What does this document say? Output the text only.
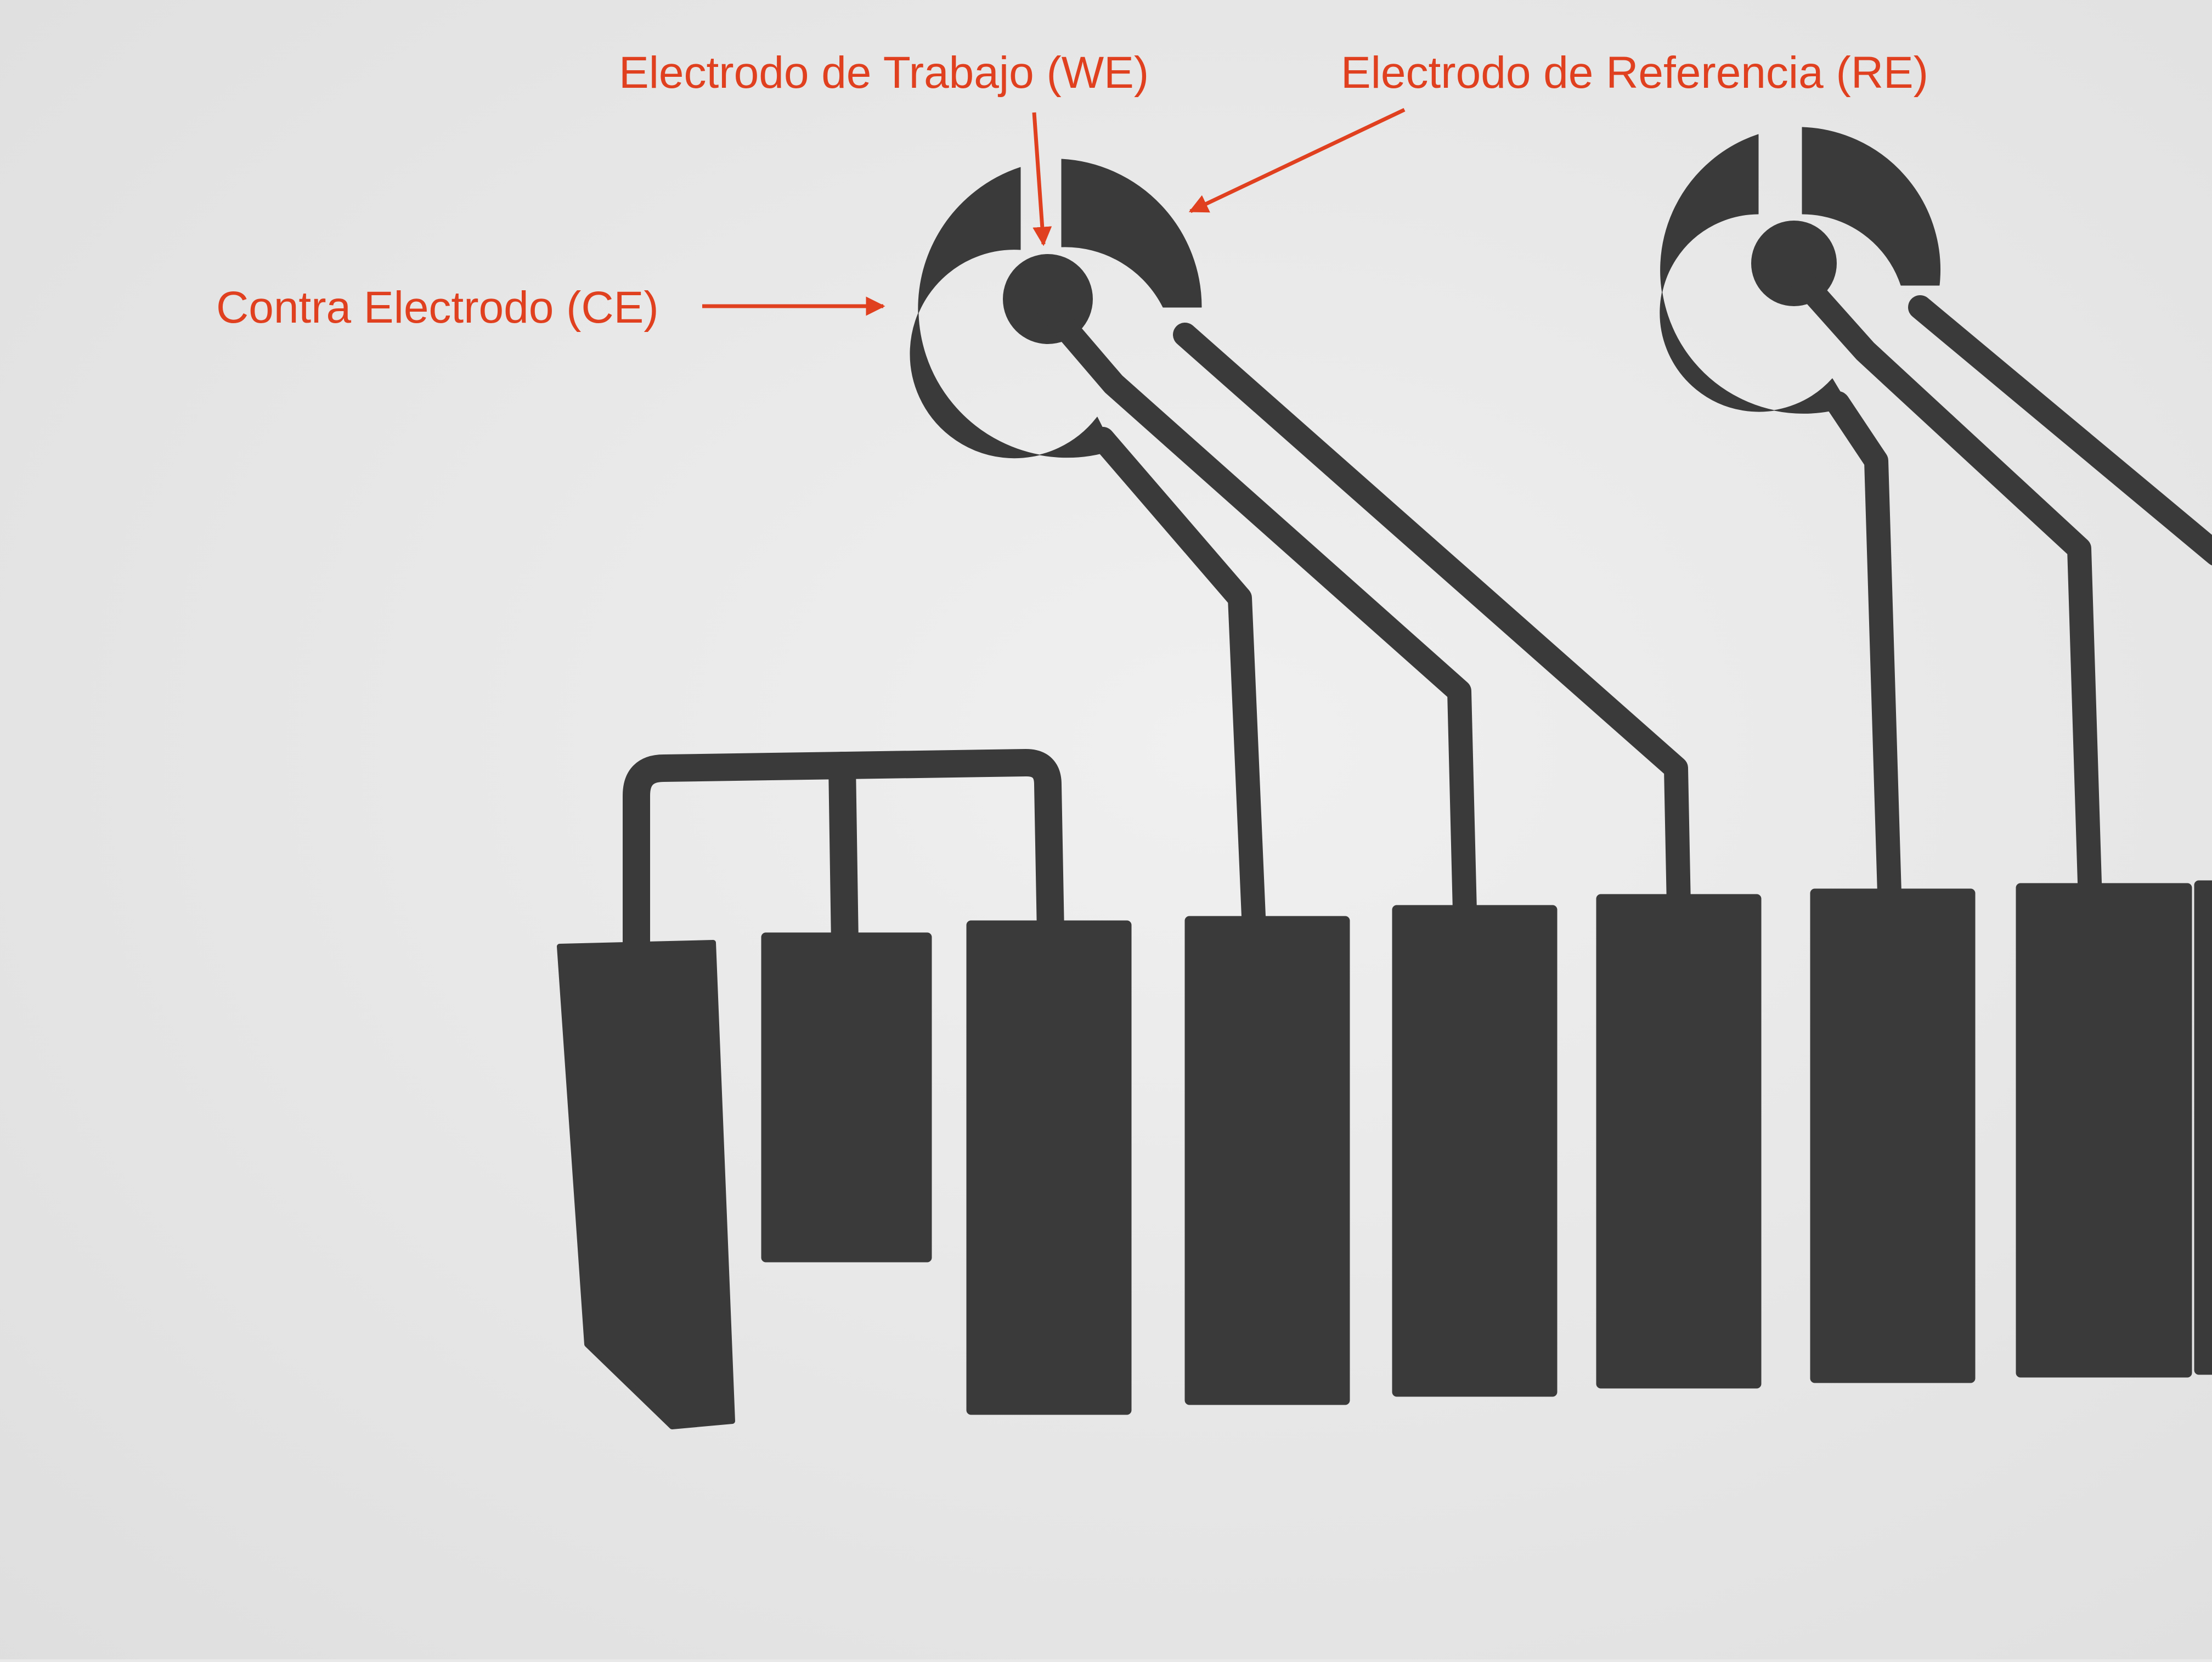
Electrodo de Trabajo (WE)	Electrodo de Referencia (RE)
Contra Electrodo (CE)
